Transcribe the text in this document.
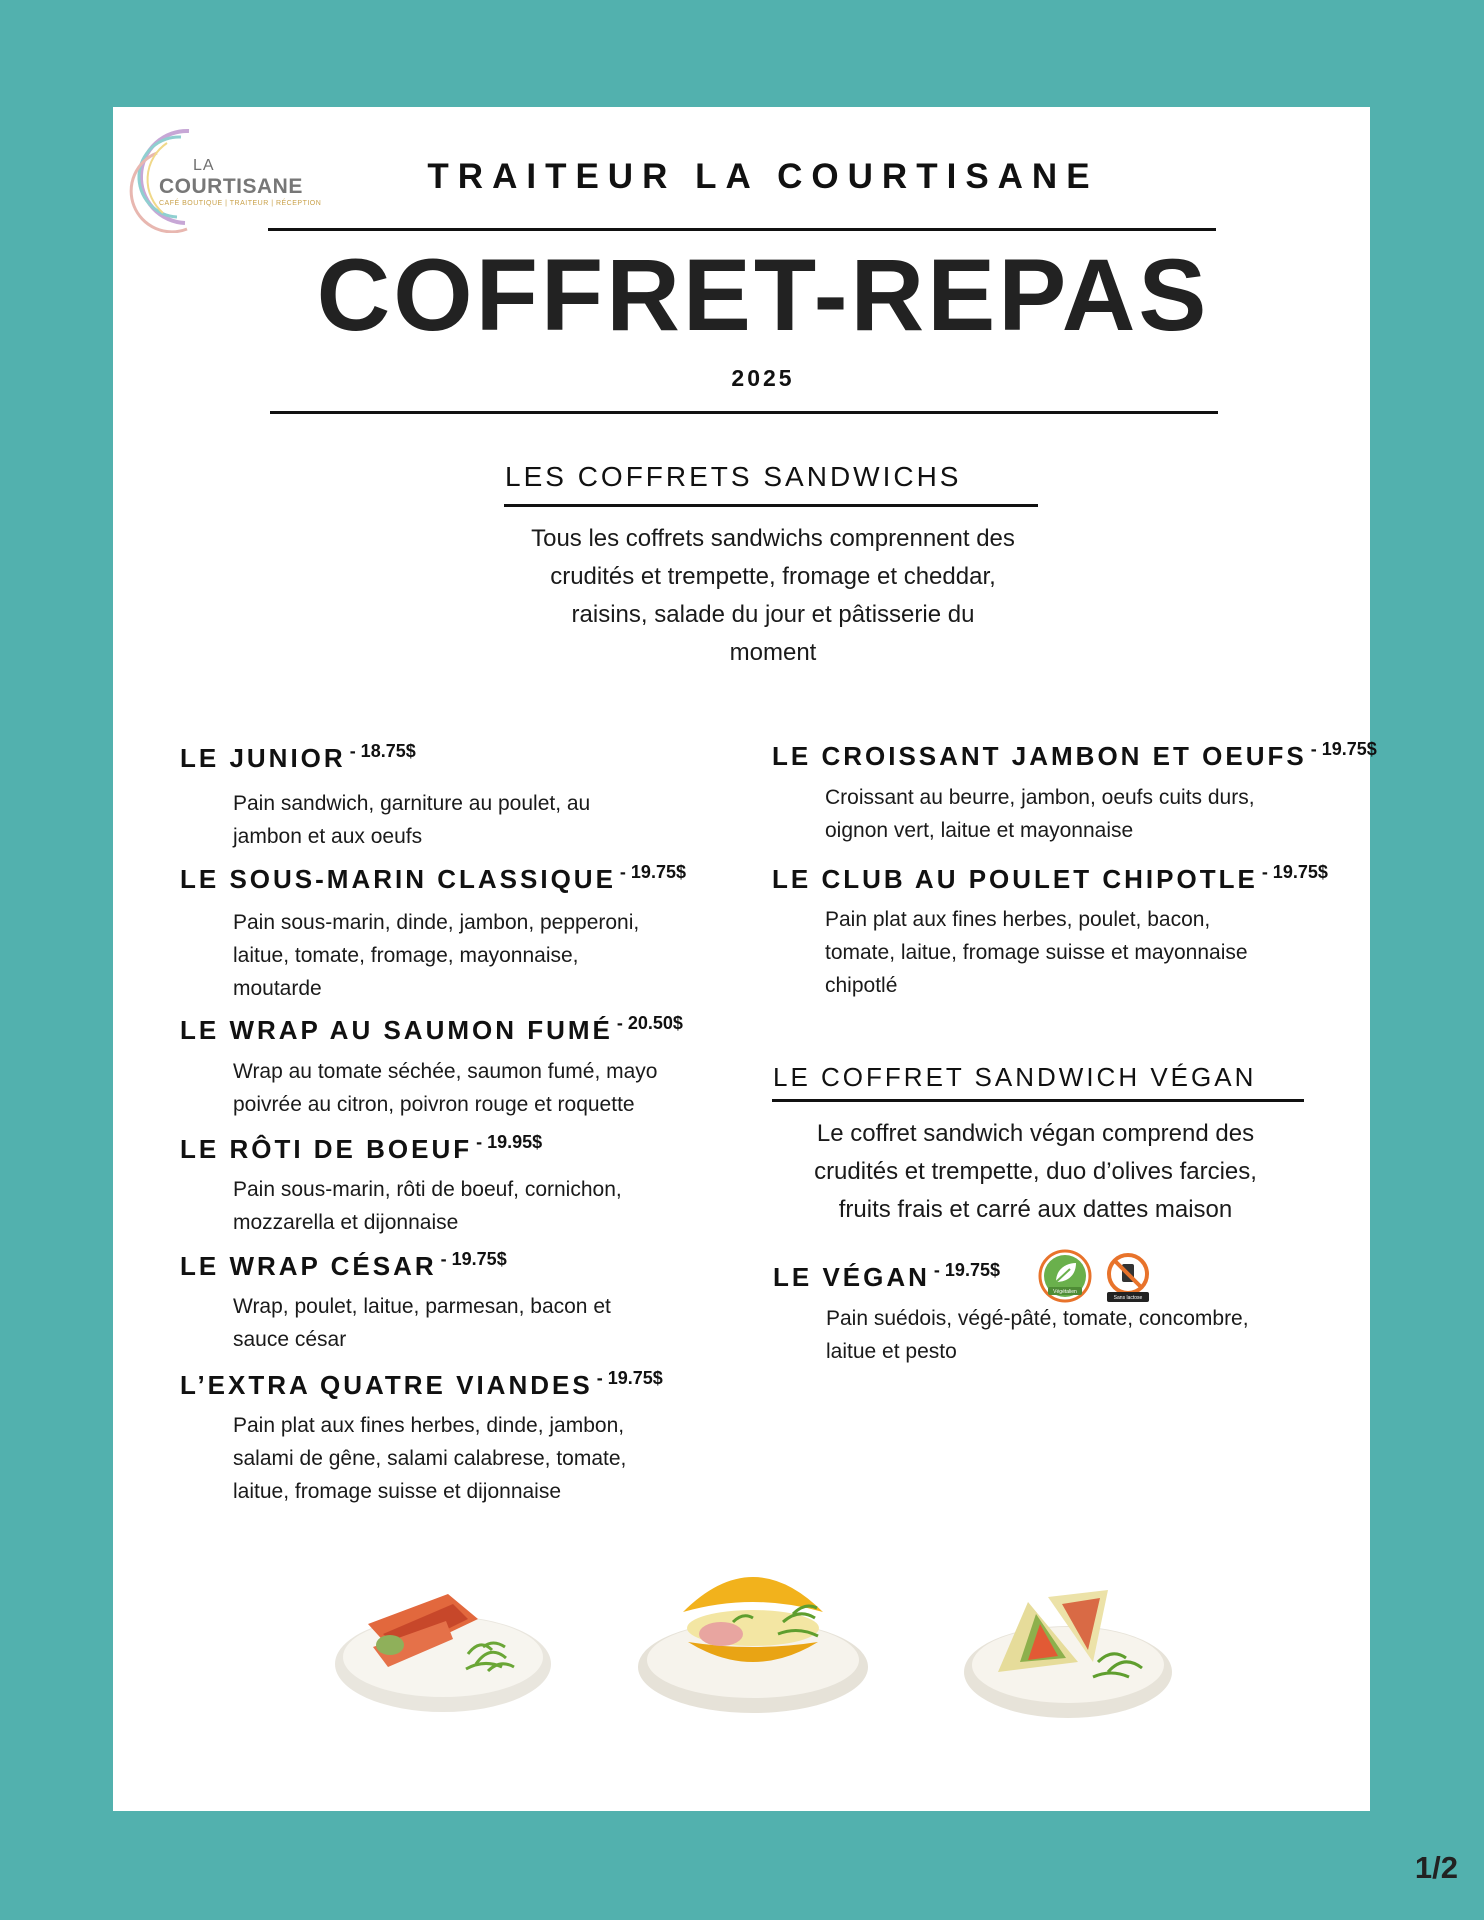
LA
COURTISANE
CAFÉ BOUTIQUE | TRAITEUR | RÉCEPTION
TRAITEUR LA COURTISANE
COFFRET-REPAS
2025
LES COFFRETS SANDWICHS
Tous les coffrets sandwichs comprennent des
crudités et trempette, fromage et cheddar,
raisins, salade du jour et pâtisserie du
moment
LE JUNIOR $^{- 18.75\$}$
Pain sandwich, garniture au poulet, au
jambon et aux oeufs
LE SOUS-MARIN CLASSIQUE $^{- 19.75\$}$
Pain sous-marin, dinde, jambon, pepperoni,
laitue, tomate, fromage, mayonnaise,
moutarde
LE WRAP AU SAUMON FUMÉ $^{- 20.50\$}$
Wrap au tomate séchée, saumon fumé, mayo
poivrée au citron, poivron rouge et roquette
LE RÔTI DE BOEUF $^{- 19.95\$}$
Pain sous-marin, rôti de boeuf, cornichon,
mozzarella et dijonnaise
LE WRAP CÉSAR $^{- 19.75\$}$
Wrap, poulet, laitue, parmesan, bacon et
sauce césar
L’EXTRA QUATRE VIANDES $^{- 19.75\$}$
Pain plat aux fines herbes, dinde, jambon,
salami de gêne, salami calabrese, tomate,
laitue, fromage suisse et dijonnaise
LE CROISSANT JAMBON ET OEUFS $^{- 19.75\$}$
Croissant au beurre, jambon, oeufs cuits durs,
oignon vert, laitue et mayonnaise
LE CLUB AU POULET CHIPOTLE $^{- 19.75\$}$
Pain plat aux fines herbes, poulet, bacon,
tomate, laitue, fromage suisse et mayonnaise
chipotlé
LE COFFRET SANDWICH VÉGAN
Le coffret sandwich végan comprend des
crudités et trempette, duo d’olives farcies,
fruits frais et carré aux dattes maison
LE VÉGAN $^{- 19.75\$}$
Végétalien
Sans lactose
Pain suédois, végé-pâté, tomate, concombre,
laitue et pesto
1/2
